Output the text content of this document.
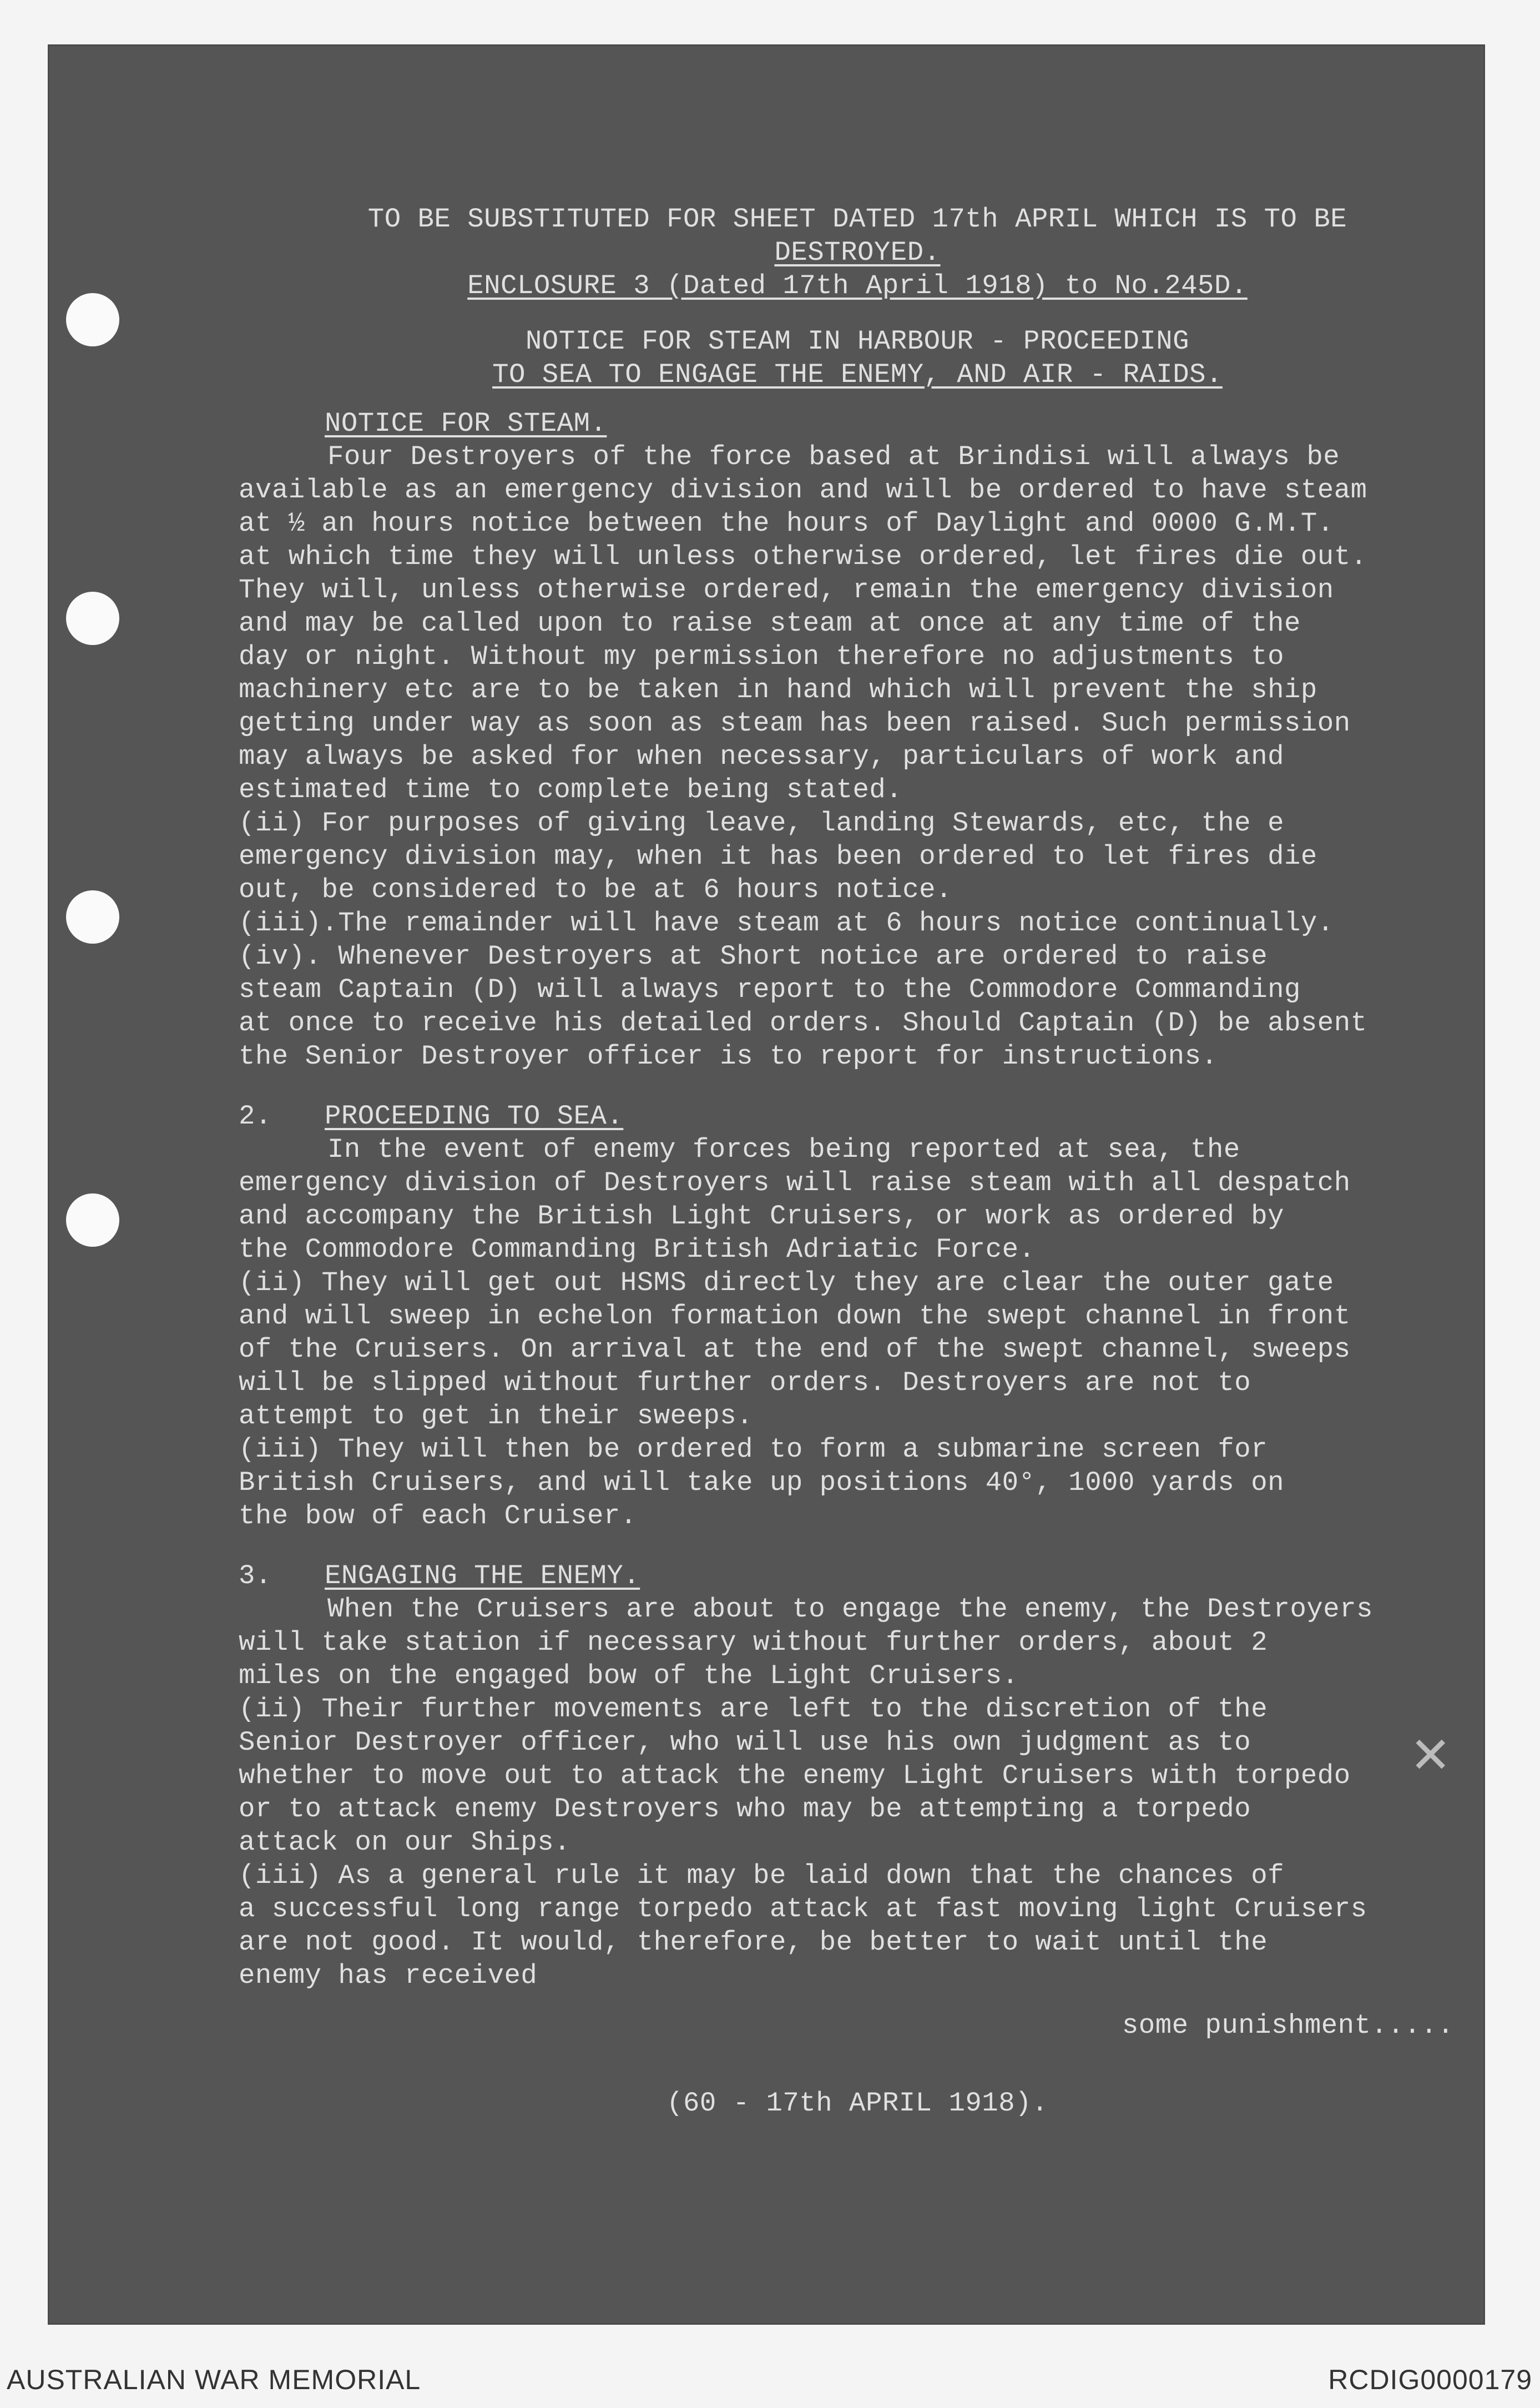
✕
TO BE SUBSTITUTED FOR SHEET DATED 17th APRIL WHICH IS TO BE
DESTROYED.
ENCLOSURE 3 (Dated 17th April 1918) to No.245D.
NOTICE FOR STEAM IN HARBOUR - PROCEEDING
TO SEA TO ENGAGE THE ENEMY, AND AIR - RAIDS.
NOTICE FOR STEAM.
Four Destroyers of the force based at Brindisi will always be
available as an emergency division and will be ordered to have steam
at ½ an hours notice between the hours of Daylight and 0000 G.M.T.
at which time they will unless otherwise ordered, let fires die out.
They will, unless otherwise ordered, remain the emergency division
and may be called upon to raise steam at once at any time of the
day or night. Without my permission therefore no adjustments to
machinery etc are to be taken in hand which will prevent the ship
getting under way as soon as steam has been raised. Such permission
may always be asked for when necessary, particulars of work and
estimated time to complete being stated.
(ii) For purposes of giving leave, landing Stewards, etc, the e
emergency division may, when it has been ordered to let fires die
out, be considered to be at 6 hours notice.
(iii).The remainder will have steam at 6 hours notice continually.
(iv). Whenever Destroyers at Short notice are ordered to raise
steam Captain (D) will always report to the Commodore Commanding
at once to receive his detailed orders. Should Captain (D) be absent
the Senior Destroyer officer is to report for instructions.
2. PROCEEDING TO SEA.
In the event of enemy forces being reported at sea, the
emergency division of Destroyers will raise steam with all despatch
and accompany the British Light Cruisers, or work as ordered by
the Commodore Commanding British Adriatic Force.
(ii) They will get out HSMS directly they are clear the outer gate
and will sweep in echelon formation down the swept channel in front
of the Cruisers. On arrival at the end of the swept channel, sweeps
will be slipped without further orders. Destroyers are not to
attempt to get in their sweeps.
(iii) They will then be ordered to form a submarine screen for
British Cruisers, and will take up positions 40°, 1000 yards on
the bow of each Cruiser.
3. ENGAGING THE ENEMY.
When the Cruisers are about to engage the enemy, the Destroyers
will take station if necessary without further orders, about 2
miles on the engaged bow of the Light Cruisers.
(ii) Their further movements are left to the discretion of the
Senior Destroyer officer, who will use his own judgment as to
whether to move out to attack the enemy Light Cruisers with torpedo
or to attack enemy Destroyers who may be attempting a torpedo
attack on our Ships.
(iii) As a general rule it may be laid down that the chances of
a successful long range torpedo attack at fast moving light Cruisers
are not good. It would, therefore, be better to wait until the
enemy has received
some punishment.....
(60 - 17th APRIL 1918).
AUSTRALIAN WAR MEMORIAL	RCDIG0000179
